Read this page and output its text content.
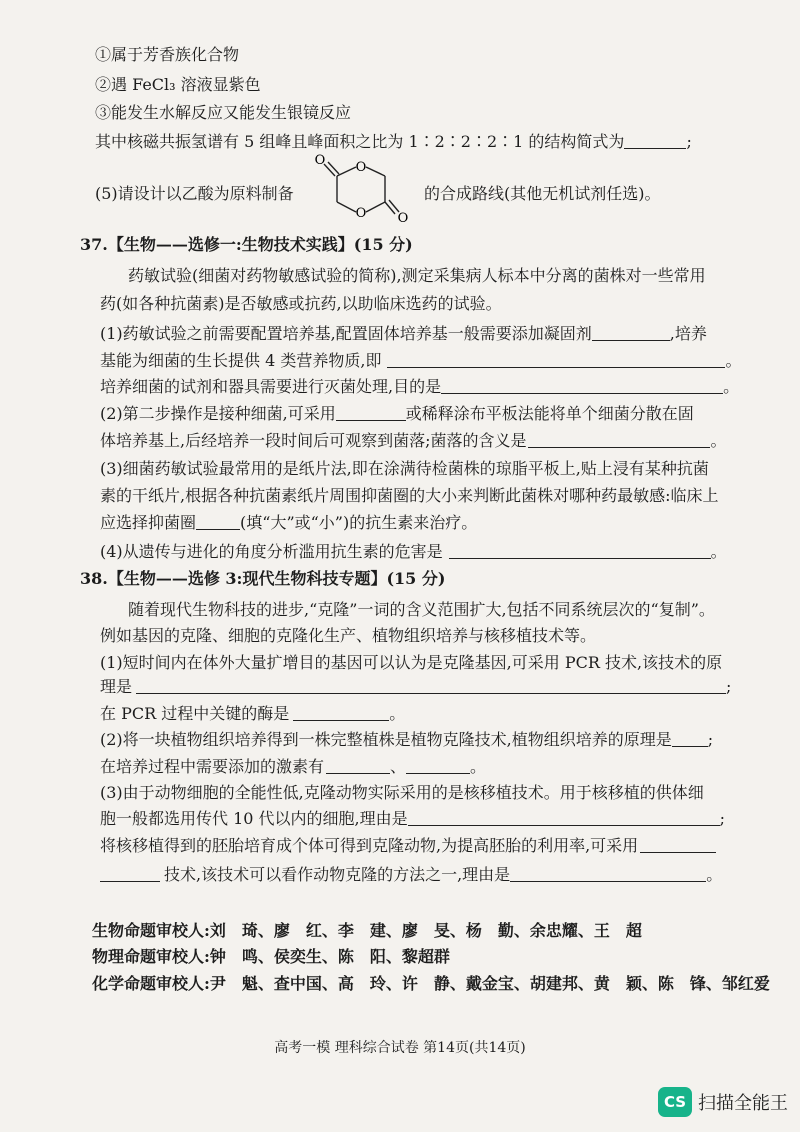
①属于芳香族化合物
②遇 FeCl₃ 溶液显紫色
③能发生水解反应又能发生银镜反应
其中核磁共振氢谱有 5 组峰且峰面积之比为 1∶2∶2∶2∶1 的结构简式为	;
(5)请设计以乙酸为原料制备
O
O
O
O
的合成路线(其他无机试剂任选)。
37.【生物——选修一:生物技术实践】(15 分)
药敏试验(细菌对药物敏感试验的简称),测定采集病人标本中分离的菌株对一些常用
药(如各种抗菌素)是否敏感或抗药,以助临床选药的试验。
(1)药敏试验之前需要配置培养基,配置固体培养基一般需要添加凝固剂	,培养
基能为细菌的生长提供 4 类营养物质,即	。
培养细菌的试剂和器具需要进行灭菌处理,目的是	。
(2)第二步操作是接种细菌,可采用	或稀释涂布平板法能将单个细菌分散在固
体培养基上,后经培养一段时间后可观察到菌落;菌落的含义是	。
(3)细菌药敏试验最常用的是纸片法,即在涂满待检菌株的琼脂平板上,贴上浸有某种抗菌
素的干纸片,根据各种抗菌素纸片周围抑菌圈的大小来判断此菌株对哪种药最敏感:临床上
应选择抑菌圈	(填“大”或“小”)的抗生素来治疗。
(4)从遗传与进化的角度分析滥用抗生素的危害是	。
38.【生物——选修 3:现代生物科技专题】(15 分)
随着现代生物科技的进步,“克隆”一词的含义范围扩大,包括不同系统层次的“复制”。
例如基因的克隆、细胞的克隆化生产、植物组织培养与核移植技术等。
(1)短时间内在体外大量扩增目的基因可以认为是克隆基因,可采用 PCR 技术,该技术的原
理是	;
在 PCR 过程中关键的酶是	。
(2)将一块植物组织培养得到一株完整植株是植物克隆技术,植物组织培养的原理是 ;
在培养过程中需要添加的激素有	、	。
(3)由于动物细胞的全能性低,克隆动物实际采用的是核移植技术。用于核移植的供体细
胞一般都选用传代 10 代以内的细胞,理由是	;
将核移植得到的胚胎培育成个体可得到克隆动物,为提高胚胎的利用率,可采用
技术,该技术可以看作动物克隆的方法之一,理由是	。
生物命题审校人:刘　琦、廖　红、李　建、廖　旻、杨　勤、余忠耀、王　超
物理命题审校人:钟　鸣、侯奕生、陈　阳、黎超群
化学命题审校人:尹　魁、查中国、高　玲、许　静、戴金宝、胡建邦、黄　颖、陈　锋、邹红爱
高考一模 理科综合试卷 第14页(共14页)
CS 扫描全能王
